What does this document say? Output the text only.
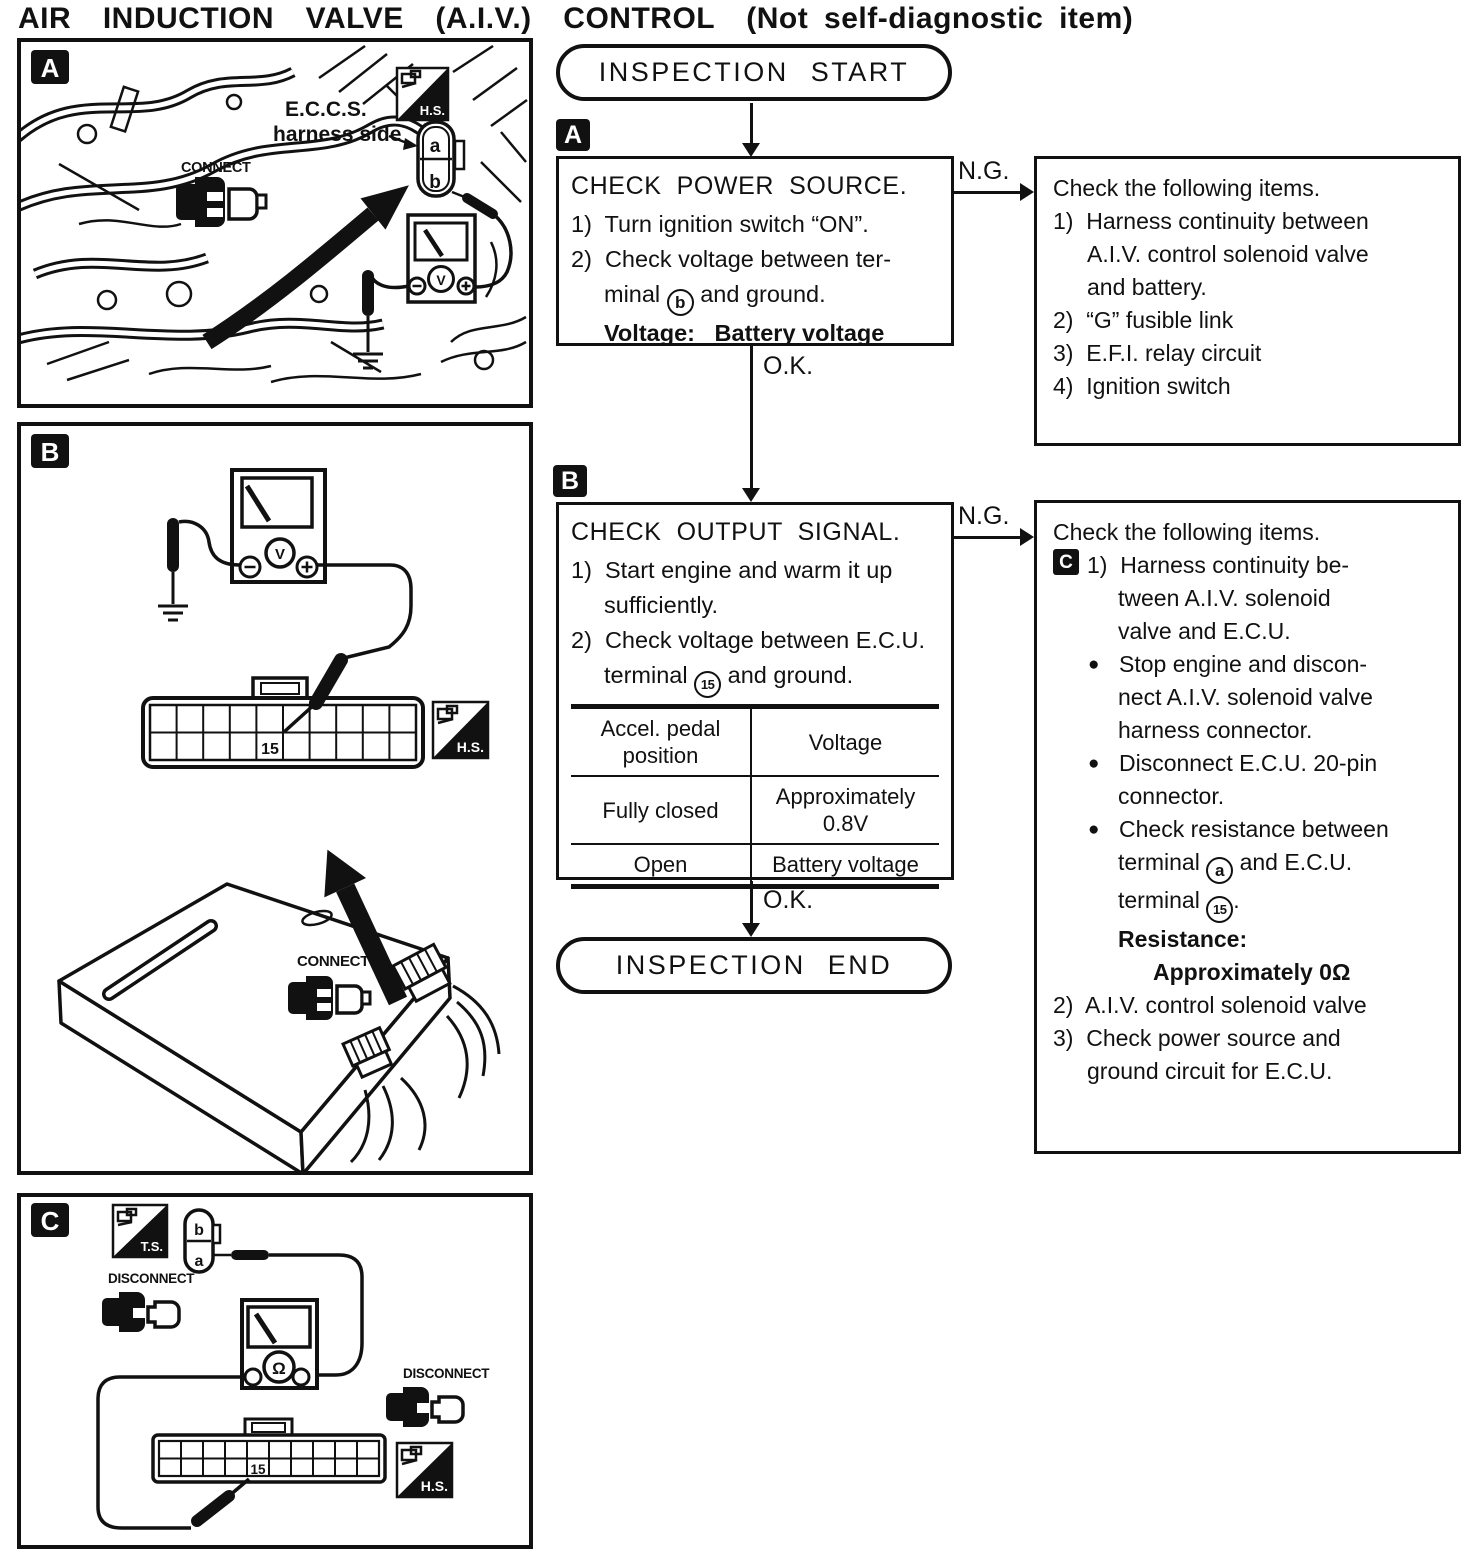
AIR  INDUCTION  VALVE  (A.I.V.)  CONTROL  (Not self-diagnostic item)
E.C.C.S.
harness side
CONNECT
H.S.
a
b
V
A
CONNECT
15
V
H.S.
B
T.S.
b
a
DISCONNECT
Ω
15
DISCONNECT
H.S.
C
INSPECTION START
A
CHECK  POWER  SOURCE.
1)  Turn ignition switch “ON”.
2)  Check voltage between ter-
minal b and ground.
Voltage:   Battery voltage
N.G.
Check the following items.
1)  Harness continuity between
A.I.V. control solenoid valve
and battery.
2)  “G” fusible link
3)  E.F.I. relay circuit
4)  Ignition switch
O.K.
B
CHECK  OUTPUT  SIGNAL.
1)  Start engine and warm it up
sufficiently.
2)  Check voltage between E.C.U.
terminal 15 and ground.
Accel. pedal position
Voltage
Fully closed
Approximately 0.8V
Open	Battery voltage
N.G.
Check the following items.
C 1)  Harness continuity be-
tween A.I.V. solenoid
valve and E.C.U.
● Stop engine and discon-
nect A.I.V. solenoid valve
harness connector.
● Disconnect E.C.U. 20-pin
connector.
● Check resistance between
terminal a and E.C.U.
terminal 15 .
Resistance:
Approximately 0Ω
2)  A.I.V. control solenoid valve
3)  Check power source and
ground circuit for E.C.U.
O.K.
INSPECTION END
